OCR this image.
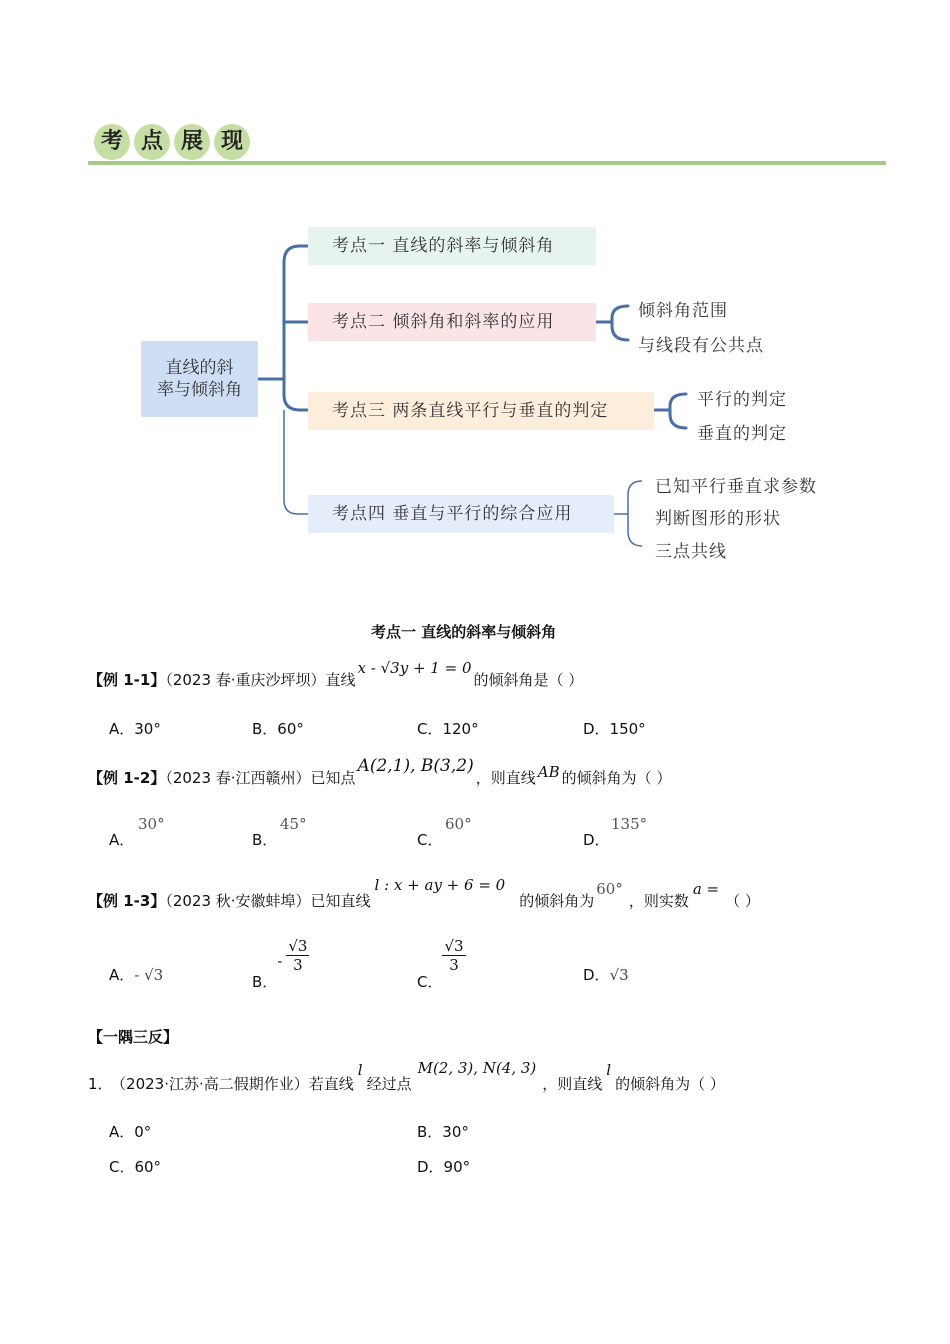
考 点 展 现
直线的斜
率与倾斜角
考点一 直线的斜率与倾斜角
考点二 倾斜角和斜率的应用
考点三 两条直线平行与垂直的判定
考点四 垂直与平行的综合应用
倾斜角范围
与线段有公共点
平行的判定
垂直的判定
已知平行垂直求参数
判断图形的形状
三点共线
考点一 直线的斜率与倾斜角
【例 1-1】（2023 春·重庆沙坪坝）直线x - √3y + 1 = 0的倾斜角是（ ）
A．30°	B．60°	C．120°	D．150°
【例 1-2】（2023 春·江西赣州）已知点A(2,1), B(3,2)，则直线 AB 的倾斜角为（ ）
A．
30°
B．
45°
C．
60°
D．
135°
【例 1-3】（2023 秋·安徽蚌埠）已知直线l : x + ay + 6 = 0的倾斜角为60°，则实数a =（ ）
A．- √3	B．- $\frac{√3}{3}$
C．
$\frac{√3}{3}$
D．√3
【一隅三反】
1． （2023·江苏·高二假期作业）若直线l经过点M(2, 3), N(4, 3)，则直线l的倾斜角为（ ）
A．0°	B．30°
C．60°	D．90°
